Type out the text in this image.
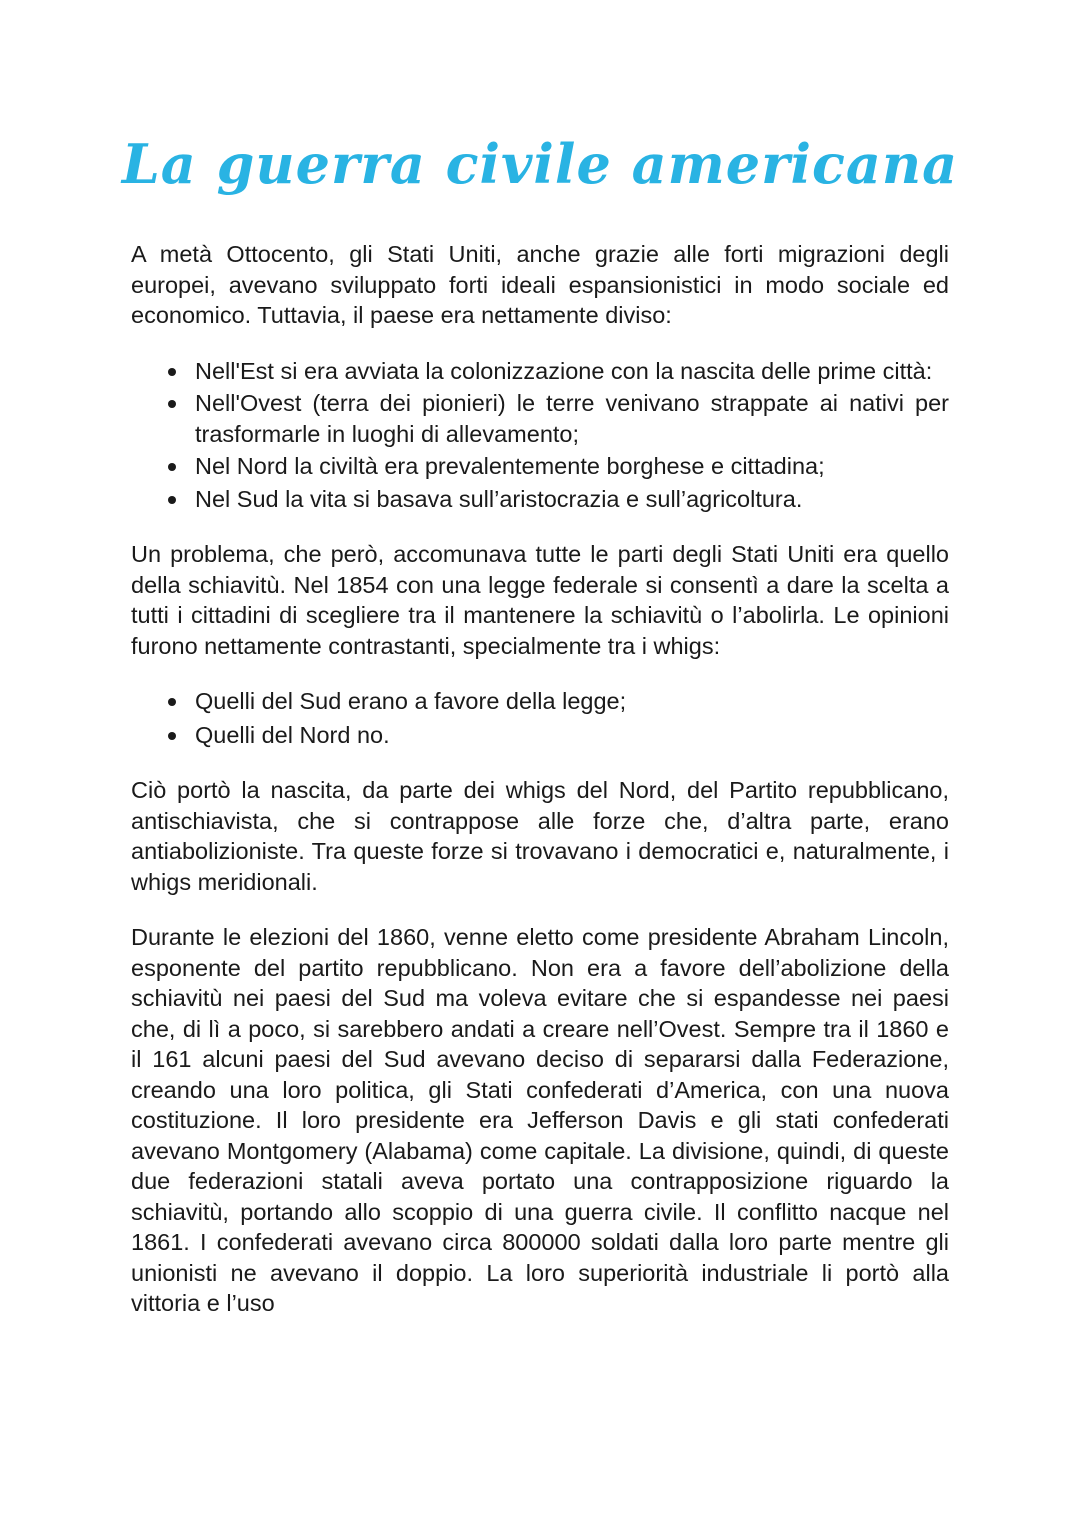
La guerra civile americana

A metà Ottocento, gli Stati Uniti, anche grazie alle forti migrazioni degli europei, avevano sviluppato forti ideali espansionistici in modo sociale ed economico. Tuttavia, il paese era nettamente diviso:

Nell'Est si era avviata la colonizzazione con la nascita delle prime città:
Nell'Ovest (terra dei pionieri) le terre venivano strappate ai nativi per trasformarle in luoghi di allevamento;
Nel Nord la civiltà era prevalentemente borghese e cittadina;
Nel Sud la vita si basava sull’aristocrazia e sull’agricoltura.

Un problema, che però, accomunava tutte le parti degli Stati Uniti era quello della schiavitù. Nel 1854 con una legge federale si consentì a dare la scelta a tutti i cittadini di scegliere tra il mantenere la schiavitù o l’abolirla. Le opinioni furono nettamente contrastanti, specialmente tra i whigs:

Quelli del Sud erano a favore della legge;
Quelli del Nord no.

Ciò portò la nascita, da parte dei whigs del Nord, del Partito repubblicano, antischiavista, che si contrappose alle forze che, d’altra parte, erano antiabolizioniste. Tra queste forze si trovavano i democratici e, naturalmente, i whigs meridionali.

Durante le elezioni del 1860, venne eletto come presidente Abraham Lincoln, esponente del partito repubblicano. Non era a favore dell’abolizione della schiavitù nei paesi del Sud ma voleva evitare che si espandesse nei paesi che, di lì a poco, si sarebbero andati a creare nell’Ovest. Sempre tra il 1860 e il 161 alcuni paesi del Sud avevano deciso di separarsi dalla Federazione, creando una loro politica, gli Stati confederati d’America, con una nuova costituzione. Il loro presidente era Jefferson Davis e gli stati confederati avevano Montgomery (Alabama) come capitale. La divisione, quindi, di queste due federazioni statali aveva portato una contrapposizione riguardo la schiavitù, portando allo scoppio di una guerra civile. Il conflitto nacque nel 1861. I confederati avevano circa 800000 soldati dalla loro parte mentre gli unionisti ne avevano il doppio. La loro superiorità industriale li portò alla vittoria e l’uso
